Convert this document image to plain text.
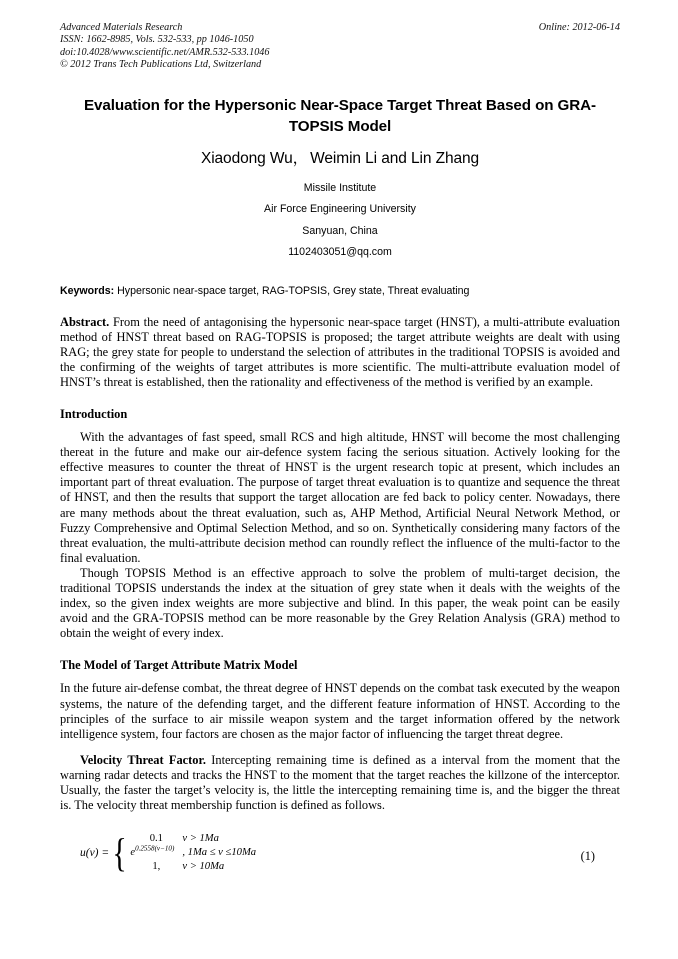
Online: 2012-06-14
Advanced Materials Research
ISSN: 1662-8985, Vols. 532-533, pp 1046-1050
doi:10.4028/www.scientific.net/AMR.532-533.1046
© 2012 Trans Tech Publications Ltd, Switzerland
Evaluation for the Hypersonic Near-Space Target Threat Based on GRA-TOPSIS Model
Xiaodong Wu，Weimin Li and Lin Zhang
Missile Institute
Air Force Engineering University
Sanyuan, China
1102403051@qq.com
Keywords: Hypersonic near-space target, RAG-TOPSIS, Grey state, Threat evaluating
Abstract. From the need of antagonising the hypersonic near-space target (HNST), a multi-attribute evaluation method of HNST threat based on RAG-TOPSIS is proposed; the target attribute weights are dealt with using RAG; the grey state for people to understand the selection of attributes in the traditional TOPSIS is avoided and the confirming of the weights of target attributes is more scientific. The multi-attribute evaluation model of HNST’s threat is established, then the rationality and effectiveness of the method is verified by an example.
Introduction

With the advantages of fast speed, small RCS and high altitude, HNST will become the most challenging thereat in the future and make our air-defence system facing the serious situation. Actively looking for the effective measures to counter the threat of HNST is the urgent research topic at present, which includes an important part of threat evaluation. The purpose of target threat evaluation is to quantize and sequence the threat of HNST, and then the results that support the target allocation are fed back to policy center. Nowadays, there are many methods about the threat evaluation, such as, AHP Method, Artificial Neural Network Method, or Fuzzy Comprehensive and Optimal Selection Method, and so on. Synthetically considering many factors of the threat evaluation, the multi-attribute decision method can roundly reflect the influence of the multi-factor to the final evaluation.

Though TOPSIS Method is an effective approach to solve the problem of multi-target decision, the traditional TOPSIS understands the index at the situation of grey state when it deals with the weights of the index, so the given index weights are more subjective and blind. In this paper, the weak point can be easily avoid and the GRA-TOPSIS method can be more reasonable by the Grey Relation Analysis (GRA) method to obtain the weight of every index.

The Model of Target Attribute Matrix Model

In the future air-defense combat, the threat degree of HNST depends on the combat task executed by the weapon systems, the nature of the defending target, and the different feature information of HNST. According to the principles of the surface to air missile weapon system and the target information offered by the network intelligence system, four factors are chosen as the major factor of influencing the target threat degree.

Velocity Threat Factor. Intercepting remaining time is defined as a interval from the moment that the warning radar detects and tracks the HNST to the moment that the target reaches the killzone of the interceptor. Usually, the faster the target’s velocity is, the little the intercepting remaining time is, and the bigger the threat is. The velocity threat membership function is defined as follows.

u(v) = {	0.1	v > 1Ma
$e^{0.2558(v-10)}$ , 1Ma ≤ v ≤10Ma
1,	v > 10Ma
(1)
